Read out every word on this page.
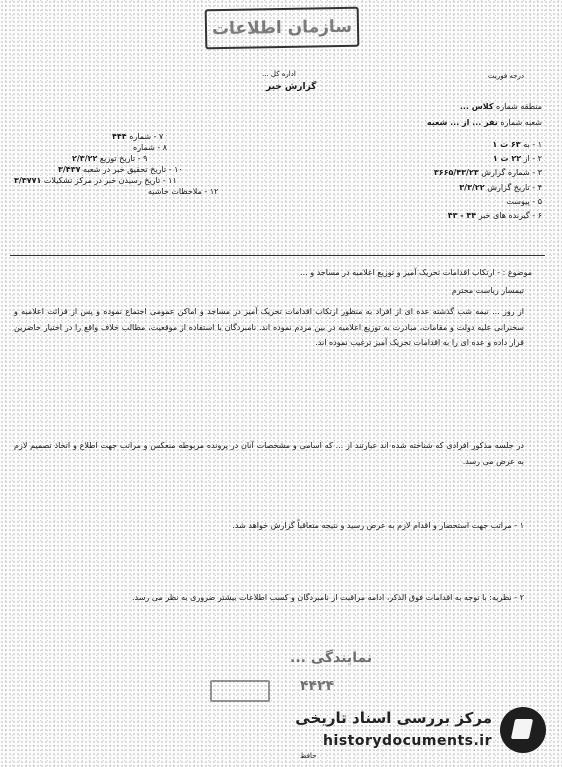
سازمان اطلاعات
اداره کل ...
گزارش خبر
درجه فوریت
۷ - شماره ۴۴۴
۸ - شماره
۹ - تاریخ توزیع ۲/۳/۲۲
۱۰ - تاریخ تحقیق خبر در شعبه ۳/۴۳۷
۱۱ - تاریخ رسیدن خبر در مرکز تشکیلات ۳/۳۷۷۱
۱۲ - ملاحظات حاشیه
منطقه شماره کلاس ...
شعبه شماره نفر ... از ... شعبه
۱ - به ۶۳ ت ۱
۲ - از ۲۲ ت ۱
۳ - شماره گزارش ۳۶۶۵/۴۳/۲۳
۴ - تاریخ گزارش ۳/۳/۲۲
۵ - پیوست
۶ - گیرنده های خبر ۴۴ - ۴۳
موضوع : - ارتکاب اقدامات تحریک آمیز و توزیع اعلامیه در مساجد و ...
تیمسار ریاست محترم
از روز ... نیمه شب گذشته عده ای از افراد به منظور ارتکاب اقدامات تحریک آمیز در مساجد و اماکن عمومی اجتماع نموده و پس از قرائت اعلامیه و سخنرانی علیه دولت و مقامات، مبادرت به توزیع اعلامیه در بین مردم نموده اند. نامبردگان با استفاده از موقعیت، مطالب خلاف واقع را در اختیار حاضرین قرار داده و عده ای را به اقدامات تحریک آمیز ترغیب نموده اند.
در جلسه مذکور افرادی که شناخته شده اند عبارتند از ... که اسامی و مشخصات آنان در پرونده مربوطه منعکس و مراتب جهت اطلاع و اتخاذ تصمیم لازم به عرض می رسد.
۱ - مراتب جهت استحضار و اقدام لازم به عرض رسید و نتیجه متعاقباً گزارش خواهد شد.
۲ - نظریه: با توجه به اقدامات فوق الذکر، ادامه مراقبت از نامبردگان و کسب اطلاعات بیشتر ضروری به نظر می رسد.
نمایندگی ...
۴۴۲۴
حافظ
مرکز بررسی اسناد تاریخی
historydocuments.ir
